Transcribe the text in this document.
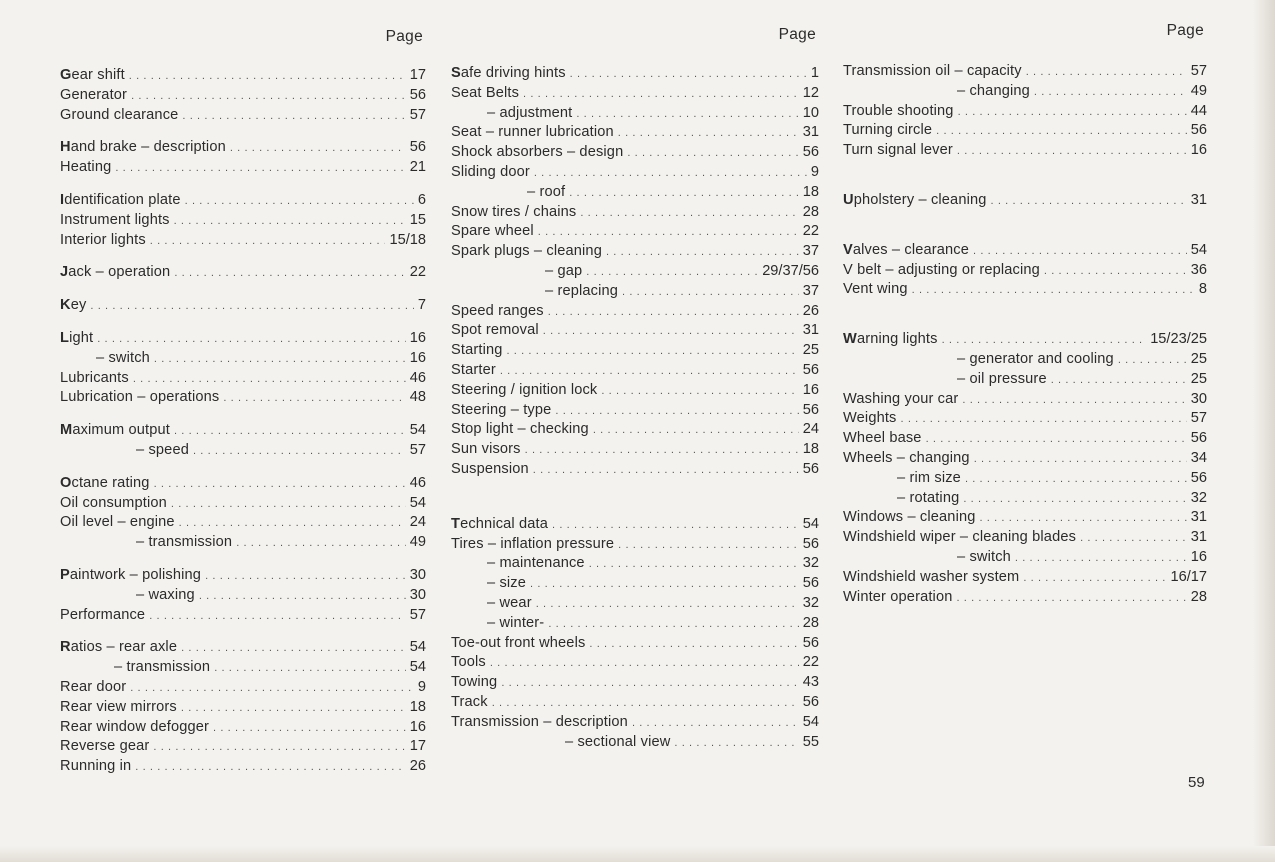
Page
Gear shift . . .	17
Generator . . .	56
Ground clearance . . .	57
Hand brake – description . . .	56
Heating . . .	21
Identification plate . . .	6
Instrument lights . . .	15
Interior lights . . .	15/18
Jack – operation . . .	22
Key . . .	7
Light . . .	16
– switch . . .	16
Lubricants . . .	46
Lubrication – operations . . .	48
Maximum output . . .	54
– speed . . .	57
Octane rating . . .	46
Oil consumption . . .	54
Oil level – engine . . .	24
– transmission . . .	49
Paintwork – polishing . . .	30
– waxing . . .	30
Performance . . .	57
Ratios – rear axle . . .	54
– transmission . . .	54
Rear door . . .	9
Rear view mirrors . . .	18
Rear window defogger . . .	16
Reverse gear . . .	17
Running in . . .	26
Page
Safe driving hints . . .	1
Seat Belts . . .	12
– adjustment . . .	10
Seat – runner lubrication . . .	31
Shock absorbers – design . . .	56
Sliding door . . .	9
– roof . . .	18
Snow tires / chains . . .	28
Spare wheel . . .	22
Spark plugs – cleaning . . .	37
– gap . . .	29/37/56
– replacing . . .	37
Speed ranges . . .	26
Spot removal . . .	31
Starting . . .	25
Starter . . .	56
Steering / ignition lock . . .	16
Steering – type . . .	56
Stop light – checking . . .	24
Sun visors . . .	18
Suspension . . .	56
Technical data . . .	54
Tires – inflation pressure . . .	56
– maintenance . . .	32
– size . . .	56
– wear . . .	32
– winter- . . .	28
Toe-out front wheels . . .	56
Tools . . .	22
Towing . . .	43
Track . . .	56
Transmission – description . . .	54
– sectional view . . .	55
Page
Transmission oil – capacity . . .	57
– changing . . .	49
Trouble shooting . . .	44
Turning circle . . .	56
Turn signal lever . . .	16
Upholstery – cleaning . . .	31
Valves – clearance . . .	54
V belt – adjusting or replacing . . .	36
Vent wing . . .	8
Warning lights . . .	15/23/25
– generator and cooling . . .	25
– oil pressure . . .	25
Washing your car . . .	30
Weights . . .	57
Wheel base . . .	56
Wheels – changing . . .	34
– rim size . . .	56
– rotating . . .	32
Windows – cleaning . . .	31
Windshield wiper – cleaning blades . . .	31
– switch . . .	16
Windshield washer system . . .	16/17
Winter operation . . .	28
59
